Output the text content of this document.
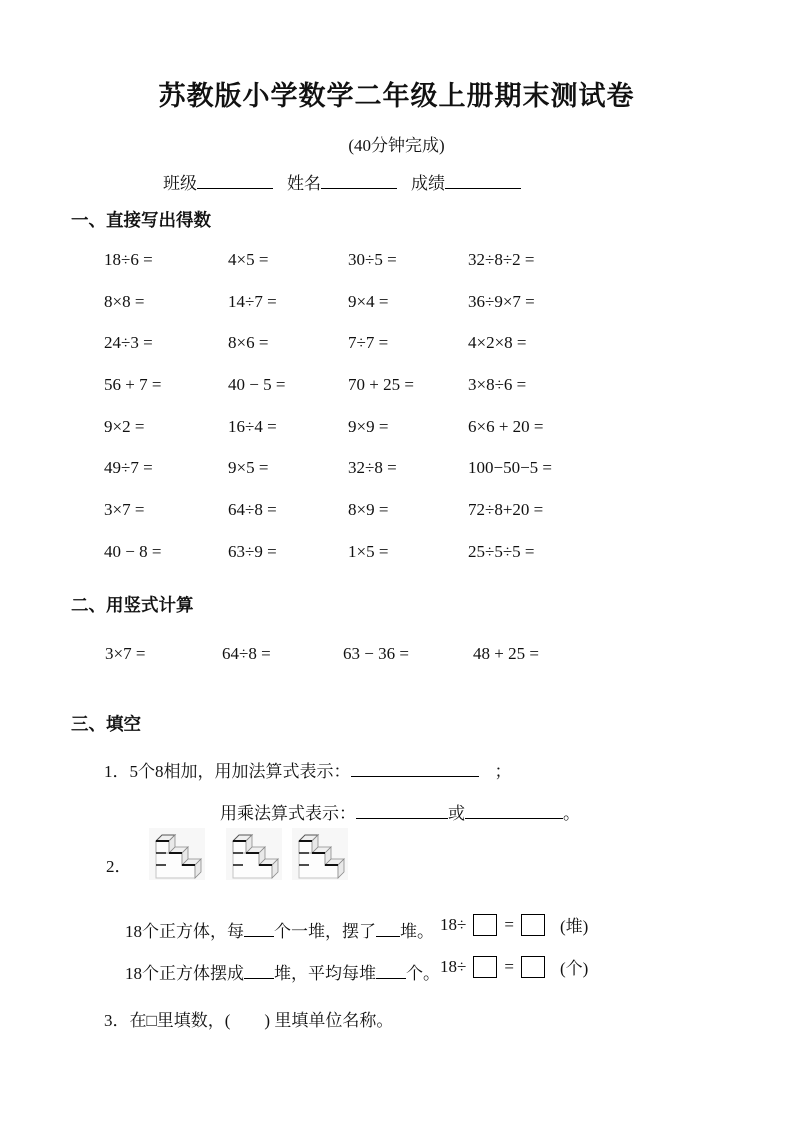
苏教版小学数学二年级上册期末测试卷
(40分钟完成)
班级	姓名	成绩
一、直接写出得数
18÷6 =	4×5 =	30÷5 =	32÷8÷2 =
8×8 =	14÷7 =	9×4 =	36÷9×7 =
24÷3 =	8×6 =	7÷7 =	4×2×8 =
56 + 7 =	40 − 5 =	70 + 25 =	3×8÷6 =
9×2 =	16÷4 =	9×9 =	6×6 + 20 =
49÷7 =	9×5 =	32÷8 =	100−50−5 =
3×7 =	64÷8 =	8×9 =	72÷8+20 =
40 − 8 =	63÷9 =	1×5 =	25÷5÷5 =
二、用竖式计算
3×7 =	64÷8 =	63 − 36 =	48 + 25 =
三、填空
1．5个8相加，用加法算式表示：	；
用乘法算式表示：	或	。
2．
18个正方体，每 个一堆，摆了 堆。 18÷ =	(堆)
18个正方体摆成 堆，平均每堆 个。 18÷ =	(个)
3．在□里填数，(　　) 里填单位名称。
